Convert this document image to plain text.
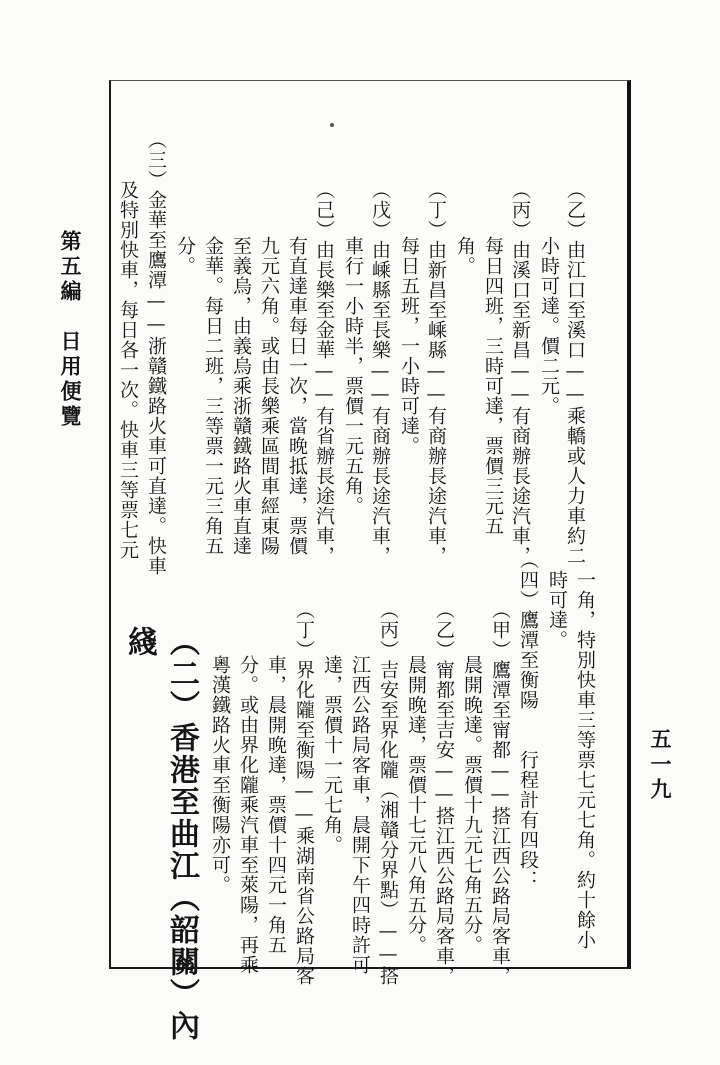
第五編　日用便覽
五一九
（乙）由江口至溪口——乘轎或人力車約二
小時可達。價二元。
（丙）由溪口至新昌——有商辦長途汽車，
每日四班，三時可達，票價三元五
角。
（丁）由新昌至嵊縣——有商辦長途汽車，
每日五班，一小時可達。
（戊）由嵊縣至長樂——有商辦長途汽車，
車行一小時半，票價一元五角。
（己）由長樂至金華——有省辦長途汽車，
有直達車每日一次，當晚抵達，票價
九元六角。或由長樂乘區間車經東陽
至義烏，由義烏乘浙贛鐵路火車直達
金華。每日二班，三等票一元三角五
分。
（三）金華至鷹潭——浙贛鐵路火車可直達。快車
及特別快車，每日各一次。快車三等票七元
一角，特別快車三等票七元七角。約十餘小
時可達。
（四）鷹潭至衡陽　　行程計有四段：
（甲）鷹潭至甯都——搭江西公路局客車，
晨開晚達。票價十九元七角五分。
（乙）甯都至吉安——搭江西公路局客車，
晨開晚達，票價十七元八角五分。
（丙）吉安至界化隴（湘贛分界點）——搭
江西公路局客車，晨開下午四時許可
達，票價十一元七角。
（丁）界化隴至衡陽——乘湖南省公路局客
車，晨開晚達，票價十四元一角五
分。或由界化隴乘汽車至萊陽，再乘
粵漢鐵路火車至衡陽亦可。
（二）香港至曲江（韶關）內
綫
